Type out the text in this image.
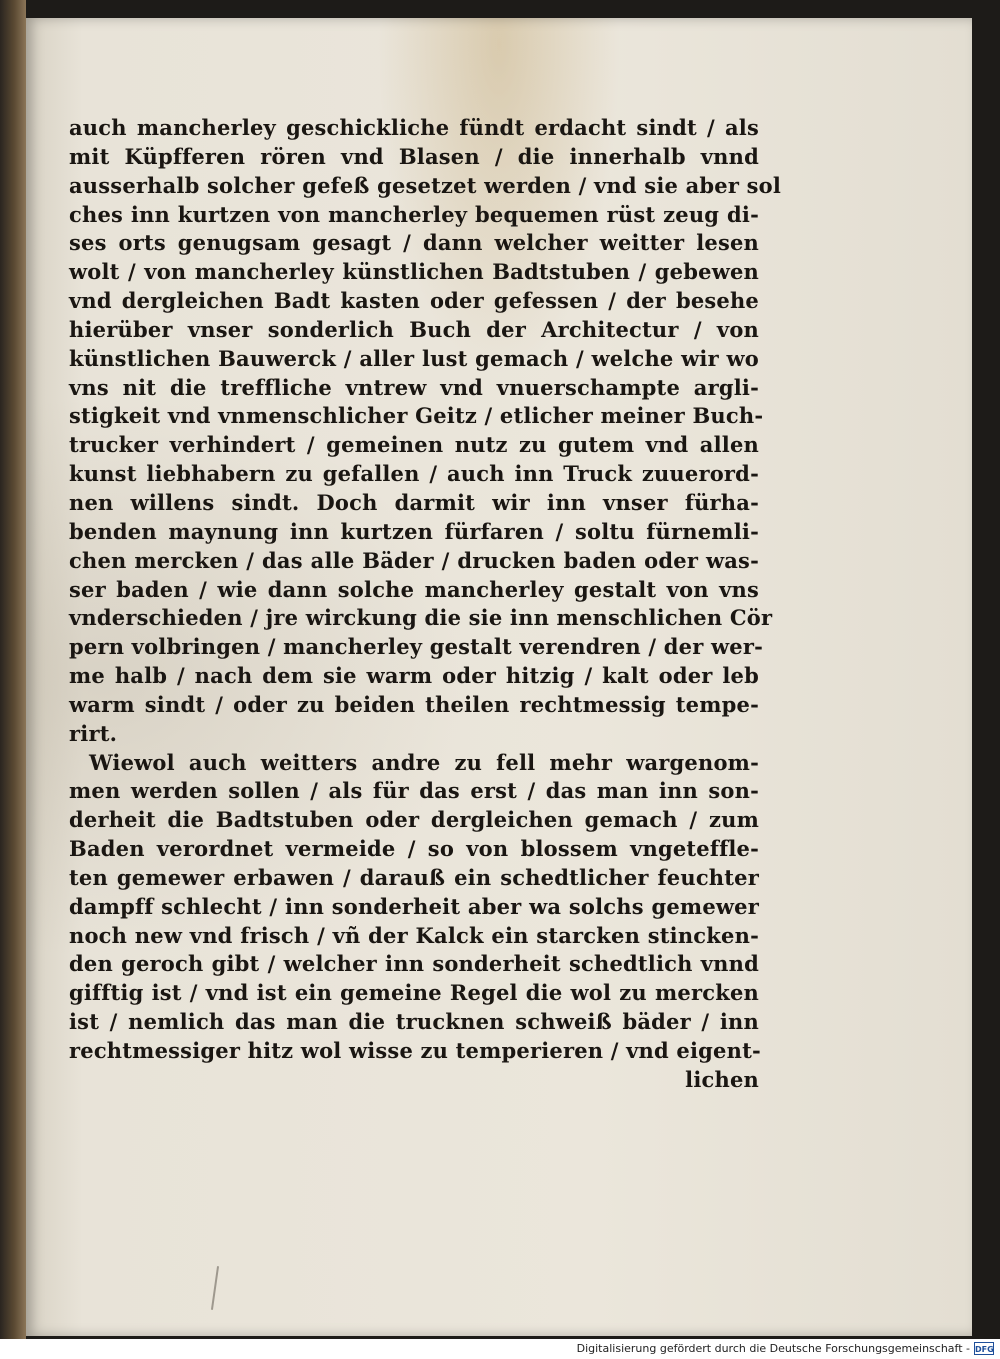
auch mancherley geschickliche fündt erdacht sindt / als
mit Küpfferen rören vnd Blasen / die innerhalb vnnd
ausserhalb solcher gefeß gesetzet werden / vnd sie aber sol
ches inn kurtzen von mancherley bequemen rüst zeug di-
ses orts genugsam gesagt / dann welcher weitter lesen
wolt / von mancherley künstlichen Badtstuben / gebewen
vnd dergleichen Badt kasten oder gefessen / der besehe
hierüber vnser sonderlich Buch der Architectur / von
künstlichen Bauwerck / aller lust gemach / welche wir wo
vns nit die treffliche vntrew vnd vnuerschampte argli-
stigkeit vnd vnmenschlicher Geitz / etlicher meiner Buch-
trucker verhindert / gemeinen nutz zu gutem vnd allen
kunst liebhabern zu gefallen / auch inn Truck zuuerord-
nen willens sindt. Doch darmit wir inn vnser fürha-
benden maynung inn kurtzen fürfaren / soltu fürnemli-
chen mercken / das alle Bäder / drucken baden oder was-
ser baden / wie dann solche mancherley gestalt von vns
vnderschieden / jre wirckung die sie inn menschlichen Cör
pern volbringen / mancherley gestalt verendren / der wer-
me halb / nach dem sie warm oder hitzig / kalt oder leb
warm sindt / oder zu beiden theilen rechtmessig tempe-
rirt.
Wiewol auch weitters andre zu fell mehr wargenom-
men werden sollen / als für das erst / das man inn son-
derheit die Badtstuben oder dergleichen gemach / zum
Baden verordnet vermeide / so von blossem vngeteffle-
ten gemewer erbawen / darauß ein schedtlicher feuchter
dampff schlecht / inn sonderheit aber wa solchs gemewer
noch new vnd frisch / vñ der Kalck ein starcken stincken-
den geroch gibt / welcher inn sonderheit schedtlich vnnd
gifftig ist / vnd ist ein gemeine Regel die wol zu mercken
ist / nemlich das man die trucknen schweiß bäder / inn
rechtmessiger hitz wol wisse zu temperieren / vnd eigent-
lichen
Digitalisierung gefördert durch die Deutsche Forschungsgemeinschaft - DFG
